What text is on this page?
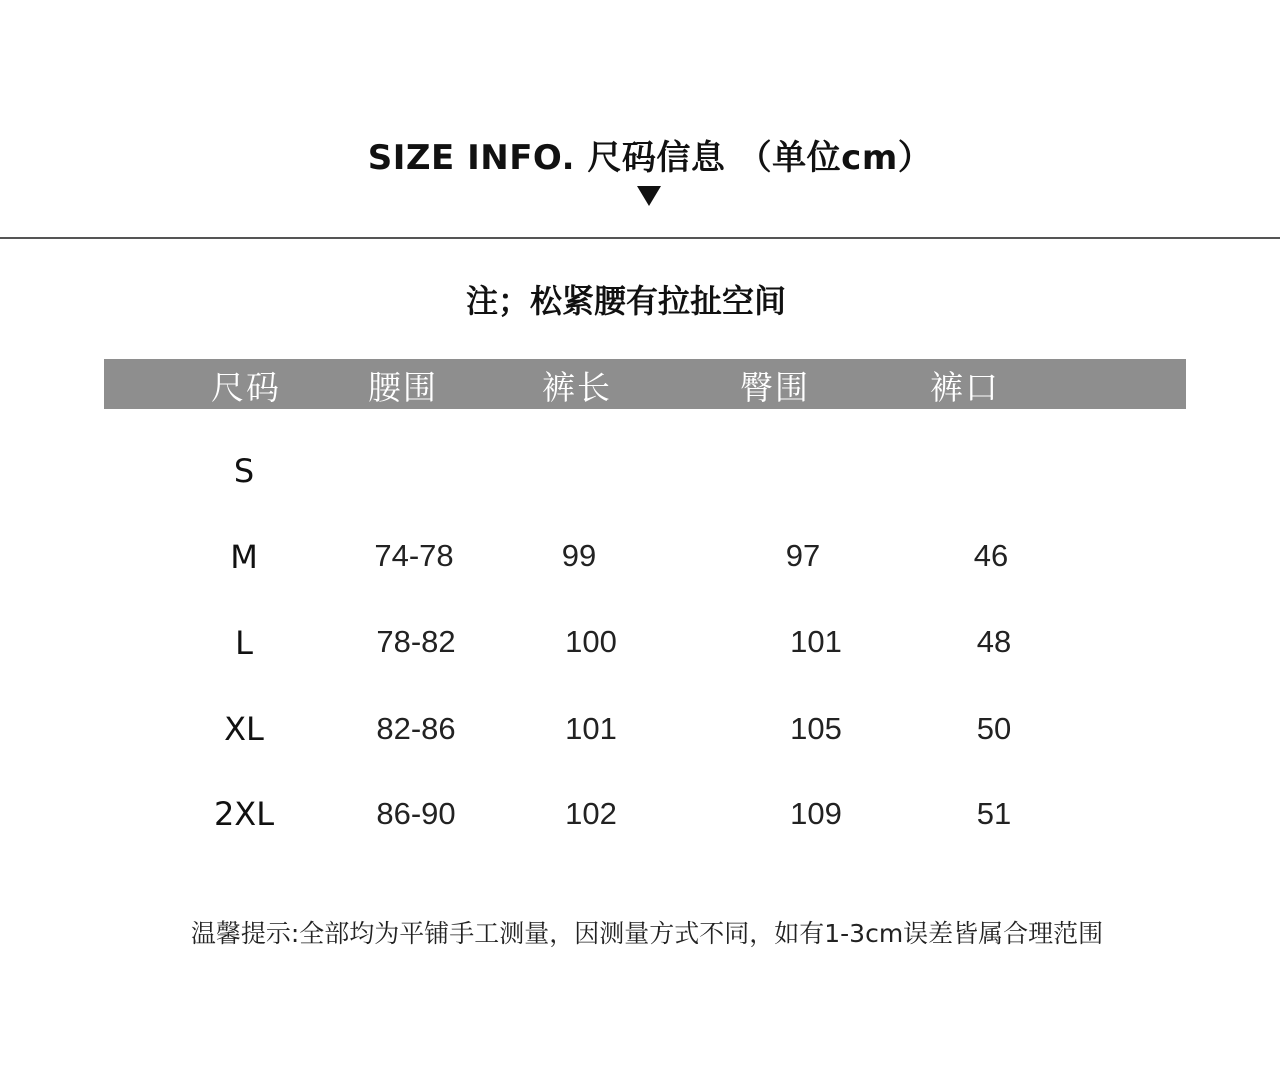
SIZE INFO. 尺码信息 （单位cm）
注；松紧腰有拉扯空间
尺码	腰围	裤长	臀围	裤口
S
M	74-78	99	97	46
L	78-82	100	101	48
XL	82-86	101	105	50
2XL	86-90	102	109	51
温馨提示:全部均为平铺手工测量，因测量方式不同，如有1-3cm误差皆属合理范围
